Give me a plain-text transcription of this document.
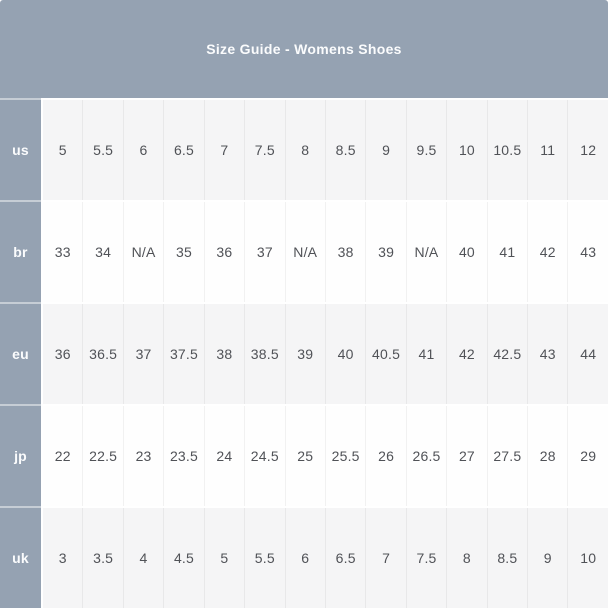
Size Guide - Womens Shoes
us	5	5.5	6	6.5	7	7.5	8	8.5	9	9.5	10	10.5	11	12
br	33	34	N/A	35	36	37	N/A	38	39	N/A	40	41	42	43
eu	36	36.5	37	37.5	38	38.5	39	40	40.5	41	42	42.5	43	44
jp	22	22.5	23	23.5	24	24.5	25	25.5	26	26.5	27	27.5	28	29
uk	3	3.5	4	4.5	5	5.5	6	6.5	7	7.5	8	8.5	9	10
